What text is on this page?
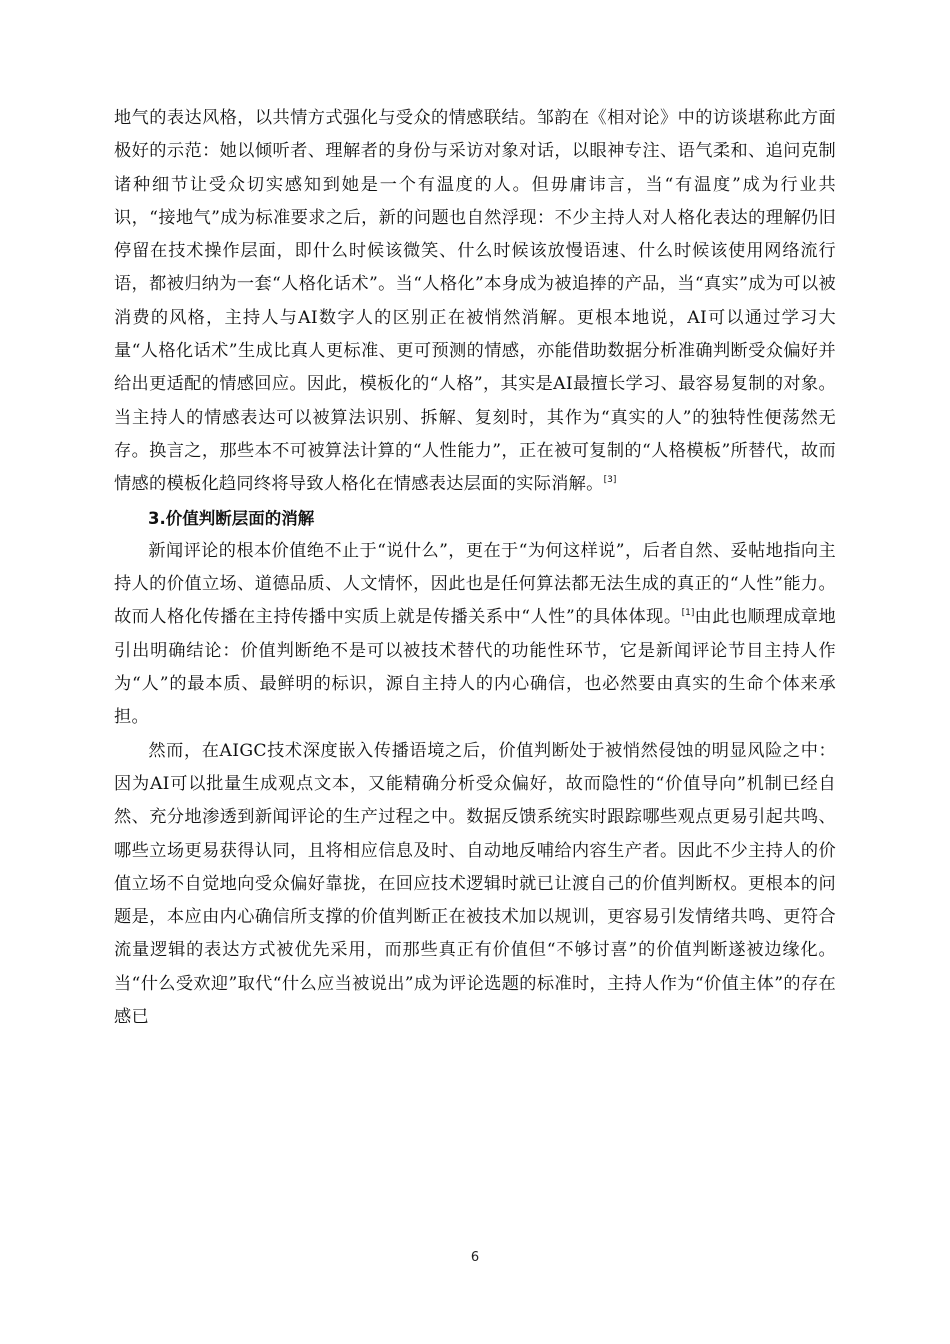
地气的表达风格，以共情方式强化与受众的情感联结。邹韵在《相对论》中的访谈堪称此方面极好的示范：她以倾听者、理解者的身份与采访对象对话，以眼神专注、语气柔和、追问克制诸种细节让受众切实感知到她是一个有温度的人。但毋庸讳言，当“有温度”成为行业共识，“接地气”成为标准要求之后，新的问题也自然浮现：不少主持人对人格化表达的理解仍旧停留在技术操作层面，即什么时候该微笑、什么时候该放慢语速、什么时候该使用网络流行语，都被归纳为一套“人格化话术”。当“人格化”本身成为被追捧的产品，当“真实”成为可以被消费的风格，主持人与AI数字人的区别正在被悄然消解。更根本地说，AI可以通过学习大量“人格化话术”生成比真人更标准、更可预测的情感，亦能借助数据分析准确判断受众偏好并给出更适配的情感回应。因此，模板化的“人格”，其实是AI最擅长学习、最容易复制的对象。当主持人的情感表达可以被算法识别、拆解、复刻时，其作为“真实的人”的独特性便荡然无存。换言之，那些本不可被算法计算的“人性能力”，正在被可复制的“人格模板”所替代，故而情感的模板化趋同终将导致人格化在情感表达层面的实际消解。[3]

3.价值判断层面的消解

新闻评论的根本价值绝不止于“说什么”，更在于“为何这样说”，后者自然、妥帖地指向主持人的价值立场、道德品质、人文情怀，因此也是任何算法都无法生成的真正的“人性”能力。故而人格化传播在主持传播中实质上就是传播关系中“人性”的具体体现。[1]由此也顺理成章地引出明确结论：价值判断绝不是可以被技术替代的功能性环节，它是新闻评论节目主持人作为“人”的最本质、最鲜明的标识，源自主持人的内心确信，也必然要由真实的生命个体来承担。

然而，在AIGC技术深度嵌入传播语境之后，价值判断处于被悄然侵蚀的明显风险之中：因为AI可以批量生成观点文本，又能精确分析受众偏好，故而隐性的“价值导向”机制已经自然、充分地渗透到新闻评论的生产过程之中。数据反馈系统实时跟踪哪些观点更易引起共鸣、哪些立场更易获得认同，且将相应信息及时、自动地反哺给内容生产者。因此不少主持人的价值立场不自觉地向受众偏好靠拢，在回应技术逻辑时就已让渡自己的价值判断权。更根本的问题是，本应由内心确信所支撑的价值判断正在被技术加以规训，更容易引发情绪共鸣、更符合流量逻辑的表达方式被优先采用，而那些真正有价值但“不够讨喜”的价值判断遂被边缘化。当“什么受欢迎”取代“什么应当被说出”成为评论选题的标准时，主持人作为“价值主体”的存在感已

6
